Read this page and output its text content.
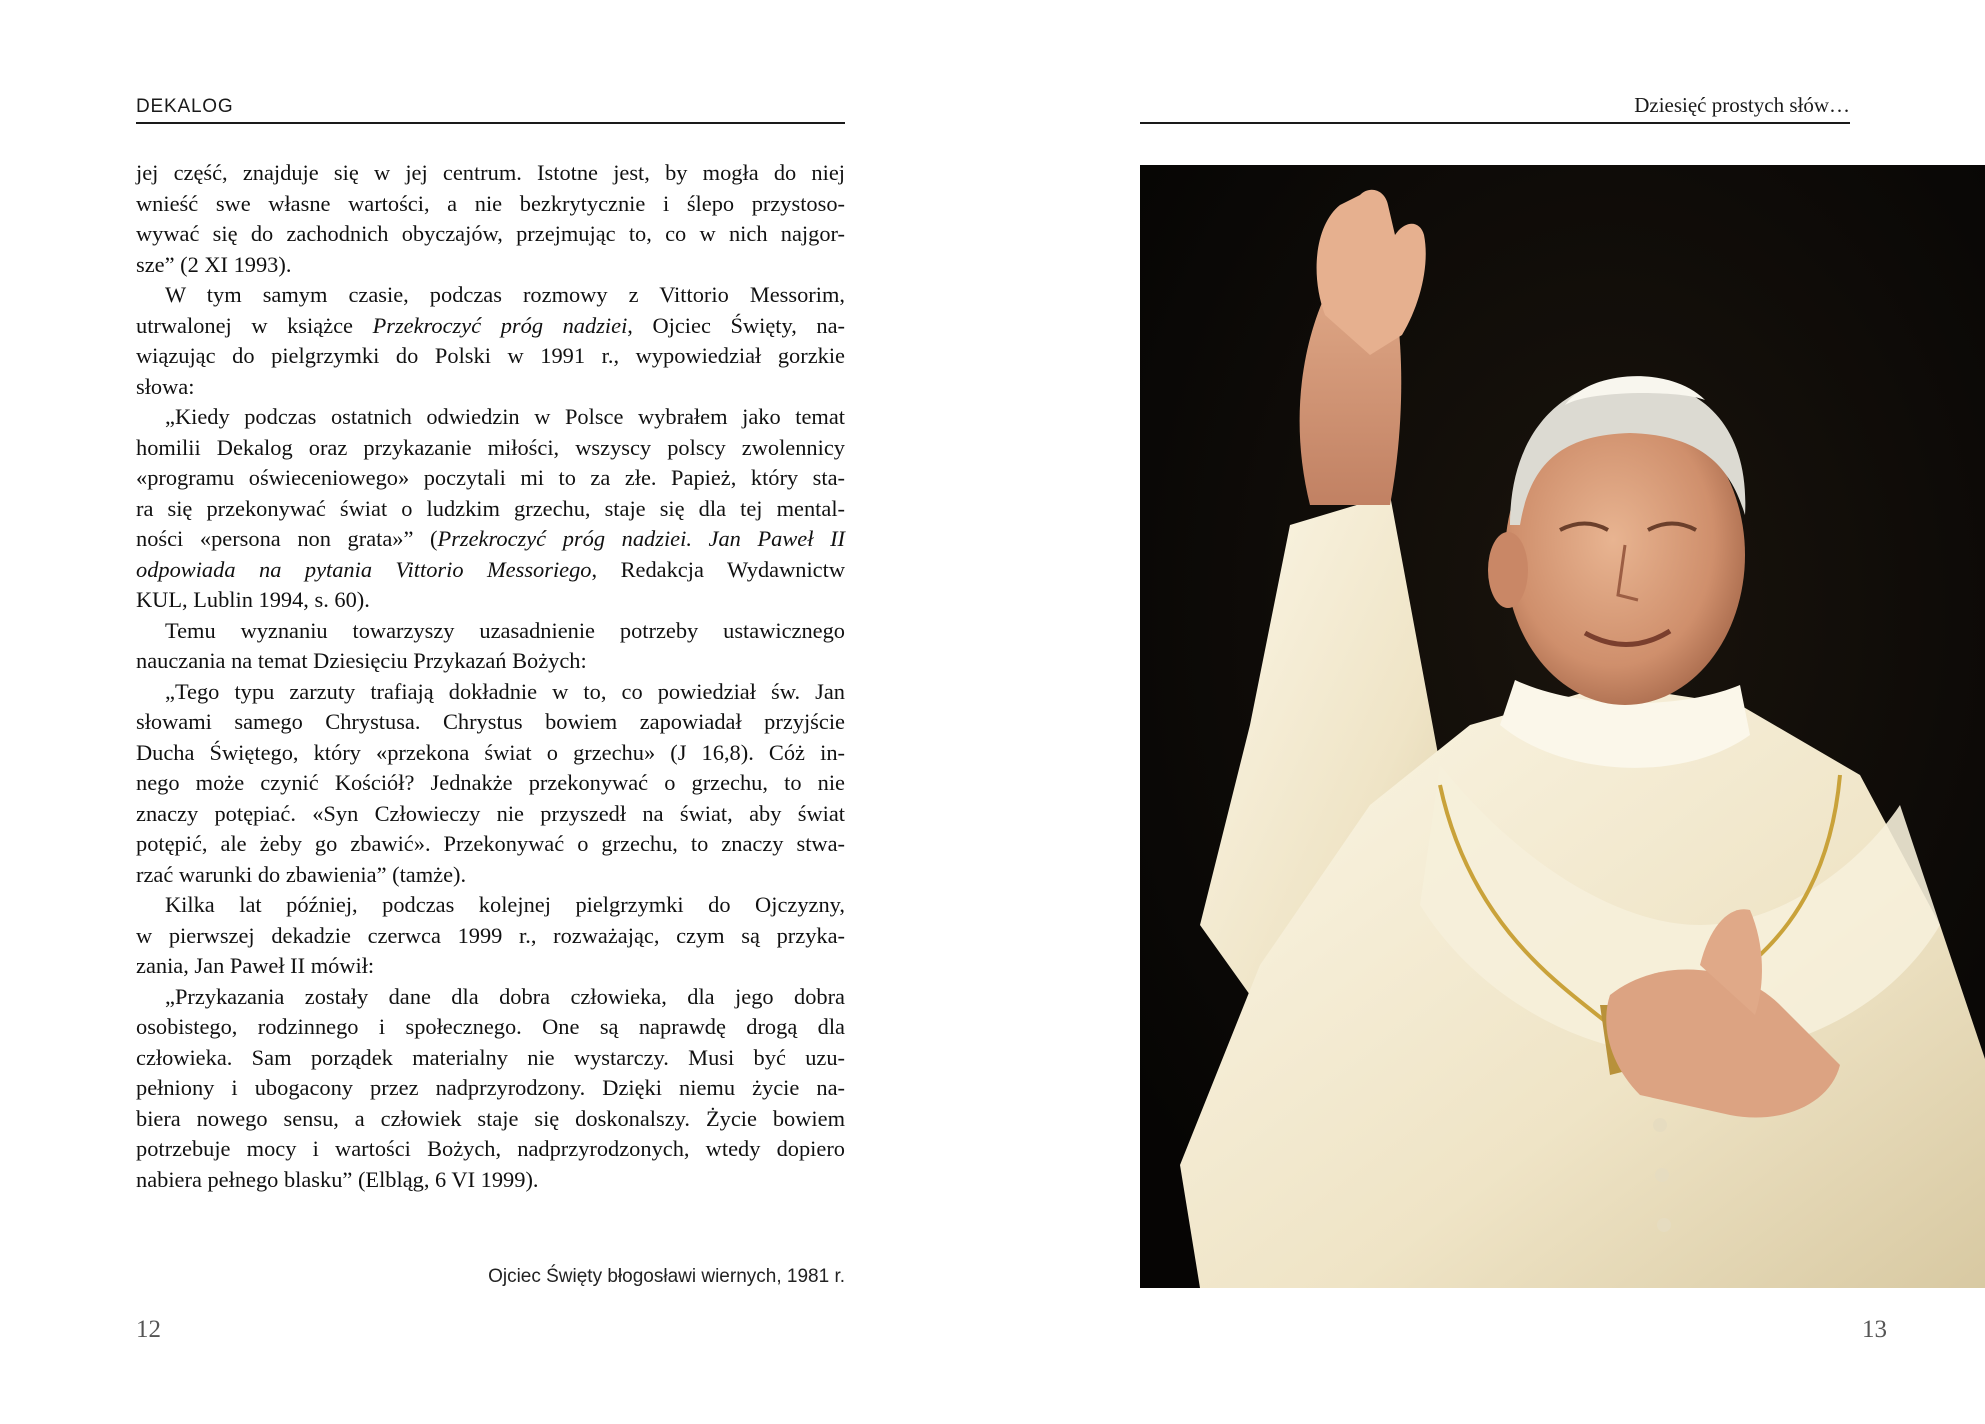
DEKALOG

jej część, znajduje się w jej centrum. Istotne jest, by mogła do niej
wnieść swe własne wartości, a nie bezkrytycznie i ślepo przystoso-
wywać się do zachodnich obyczajów, przejmując to, co w nich najgor-
sze” (2 XI 1993).

W tym samym czasie, podczas rozmowy z Vittorio Messorim,
utrwalonej w książce Przekroczyć próg nadziei, Ojciec Święty, na-
wiązując do pielgrzymki do Polski w 1991 r., wypowiedział gorzkie
słowa:

„Kiedy podczas ostatnich odwiedzin w Polsce wybrałem jako temat
homilii Dekalog oraz przykazanie miłości, wszyscy polscy zwolennicy
«programu oświeceniowego» poczytali mi to za złe. Papież, który sta-
ra się przekonywać świat o ludzkim grzechu, staje się dla tej mental-
ności «persona non grata»” (Przekroczyć próg nadziei. Jan Paweł II
odpowiada na pytania Vittorio Messoriego, Redakcja Wydawnictw
KUL, Lublin 1994, s. 60).

Temu wyznaniu towarzyszy uzasadnienie potrzeby ustawicznego
nauczania na temat Dziesięciu Przykazań Bożych:

„Tego typu zarzuty trafiają dokładnie w to, co powiedział św. Jan
słowami samego Chrystusa. Chrystus bowiem zapowiadał przyjście
Ducha Świętego, który «przekona świat o grzechu» (J 16,8). Cóż in-
nego może czynić Kościół? Jednakże przekonywać o grzechu, to nie
znaczy potępiać. «Syn Człowieczy nie przyszedł na świat, aby świat
potępić, ale żeby go zbawić». Przekonywać o grzechu, to znaczy stwa-
rzać warunki do zbawienia” (tamże).

Kilka lat później, podczas kolejnej pielgrzymki do Ojczyzny,
w pierwszej dekadzie czerwca 1999 r., rozważając, czym są przyka-
zania, Jan Paweł II mówił:

„Przykazania zostały dane dla dobra człowieka, dla jego dobra
osobistego, rodzinnego i społecznego. One są naprawdę drogą dla
człowieka. Sam porządek materialny nie wystarczy. Musi być uzu-
pełniony i ubogacony przez nadprzyrodzony. Dzięki niemu życie na-
biera nowego sensu, a człowiek staje się doskonalszy. Życie bowiem
potrzebuje mocy i wartości Bożych, nadprzyrodzonych, wtedy dopiero
nabiera pełnego blasku” (Elbląg, 6 VI 1999).

Ojciec Święty błogosławi wiernych, 1981 r.
12
Dziesięć prostych słów…
13
